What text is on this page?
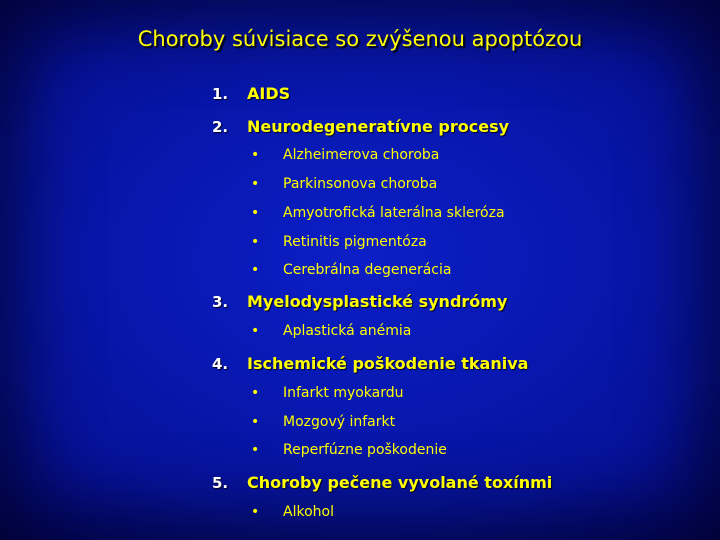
Choroby súvisiace so zvýšenou apoptózou
1. AIDS
2. Neurodegeneratívne procesy
• Alzheimerova choroba
• Parkinsonova choroba
• Amyotrofická laterálna skleróza
• Retinitis pigmentóza
• Cerebrálna degenerácia
3. Myelodysplastické syndrómy
• Aplastická anémia
4. Ischemické poškodenie tkaniva
• Infarkt myokardu
• Mozgový infarkt
• Reperfúzne poškodenie
5. Choroby pečene vyvolané toxínmi
• Alkohol
